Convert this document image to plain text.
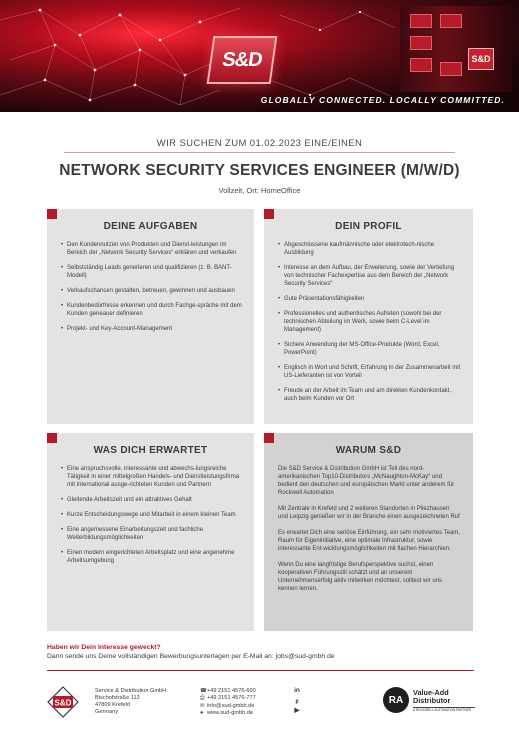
S&D	S&D
GLOBALLY CONNECTED. LOCALLY COMMITTED.
WIR SUCHEN ZUM 01.02.2023 EINE/EINEN
NETWORK SECURITY SERVICES ENGINEER (M/W/D)
Vollzeit, Ort: HomeOffice
DEINE AUFGABEN
• Den Kundennutzen von Produkten und Dienst-leistungen im Bereich der „Network Security Services“ erklären und verkaufen
• Selbstständig Leads generieren und qualifizieren (z. B. BANT-Modell)
• Verkaufschancen gestalten, betreuen, gewinnen und ausbauen
• Kundenbedürfnisse erkennen und durch Fachge-spräche mit dem Kunden geneauer definieren
• Projekt- und Key-Account-Management
DEIN PROFIL
• Abgeschlossene kaufmännische oder elektrotech-nische Ausbildung
• Interesse an dem Aufbau, der Erweiterung, sowie der Vertiefung von technischer Fachexpertise aus dem Bereich der „Network Security Services“
• Gute Präsentationsfähigkeiten
• Professionelles und authentisches Aufreten (sowohl bei der technischen Abteilung im Werk, sowie beim C-Level im Management)
• Sichere Anwendung der MS-Office-Produkte (Word, Excel, PowerPoint)
• Englisch in Wort und Schrift, Erfahrung in der Zusammenarbeit mit US-Lieferanten ist von Vorteil
• Freude an der Arbeit im Team und am direkten Kundenkontakt, auch beim Kunden vor Ort
WAS DICH ERWARTET
• Eine anspruchsvolle, interessante und abwechs-lungsreiche Tätigkeit in einer mittelgroßen Handels- und Dienstleistungsfirma mit international ausge-richteten Kunden und Partnern
• Gleitende Arbeitszeit und ein attraktives Gehalt
• Kurze Entscheidungswege und Mitarbeit in einem kleinen Team
• Eine angemessene Einarbeitungszeit und fachliche Weiterbildungsmöglichkeiten
• Einen modern eingerichteten Arbeitsplatz und eine angenehme Arbeitsumgebung
WARUM S&D

Die S&D Service & Distribution GmbH ist Teil des nord-amerikanischen Top10-Distributors „McNaughton-McKay“ und bedient den deutschen und europäischen Markt unter anderem für Rockwell Automation

Mit Zentrale in Krefeld und 2 weiteren Standorten in Pliezhausen und Leipzig genießen wir in der Branche einen ausgezeichneten Ruf

Es erwartet Dich eine seriöse Einführung, ein sehr motiviertes Team, Raum für Eigeninitiative, eine optimale Infrastruktur, sowie interessante Ent-wicklungsmöglichkeiten mit flachen Hierarchien.

Wenn Du eine langfristige Berufsperspektive suchst, einen kooperativen Führungsstil schätzt und an unserem Unternehmenserfolg aktiv mitwirken möchtest, solltest wir uns kennen lernen.

Haben wir Dein Interesse geweckt?
Dann sende uns Deine vollständigen Bewerbungsunterlagen per E-Mail an: jobs@sud-gmbh.de
S&D
Service & Distribution GmbH
Bischofstraße 113
47809 Krefeld
Germany
☎ +49 2151 4576-600
⎙ +49 2151 4576-777
✉ info@sud-gmbh.de
● www.sud-gmbh.de
in
𝓏
▶
RA
Value-Add
Distributor
A ROCKWELL AUTOMATION PARTNER
